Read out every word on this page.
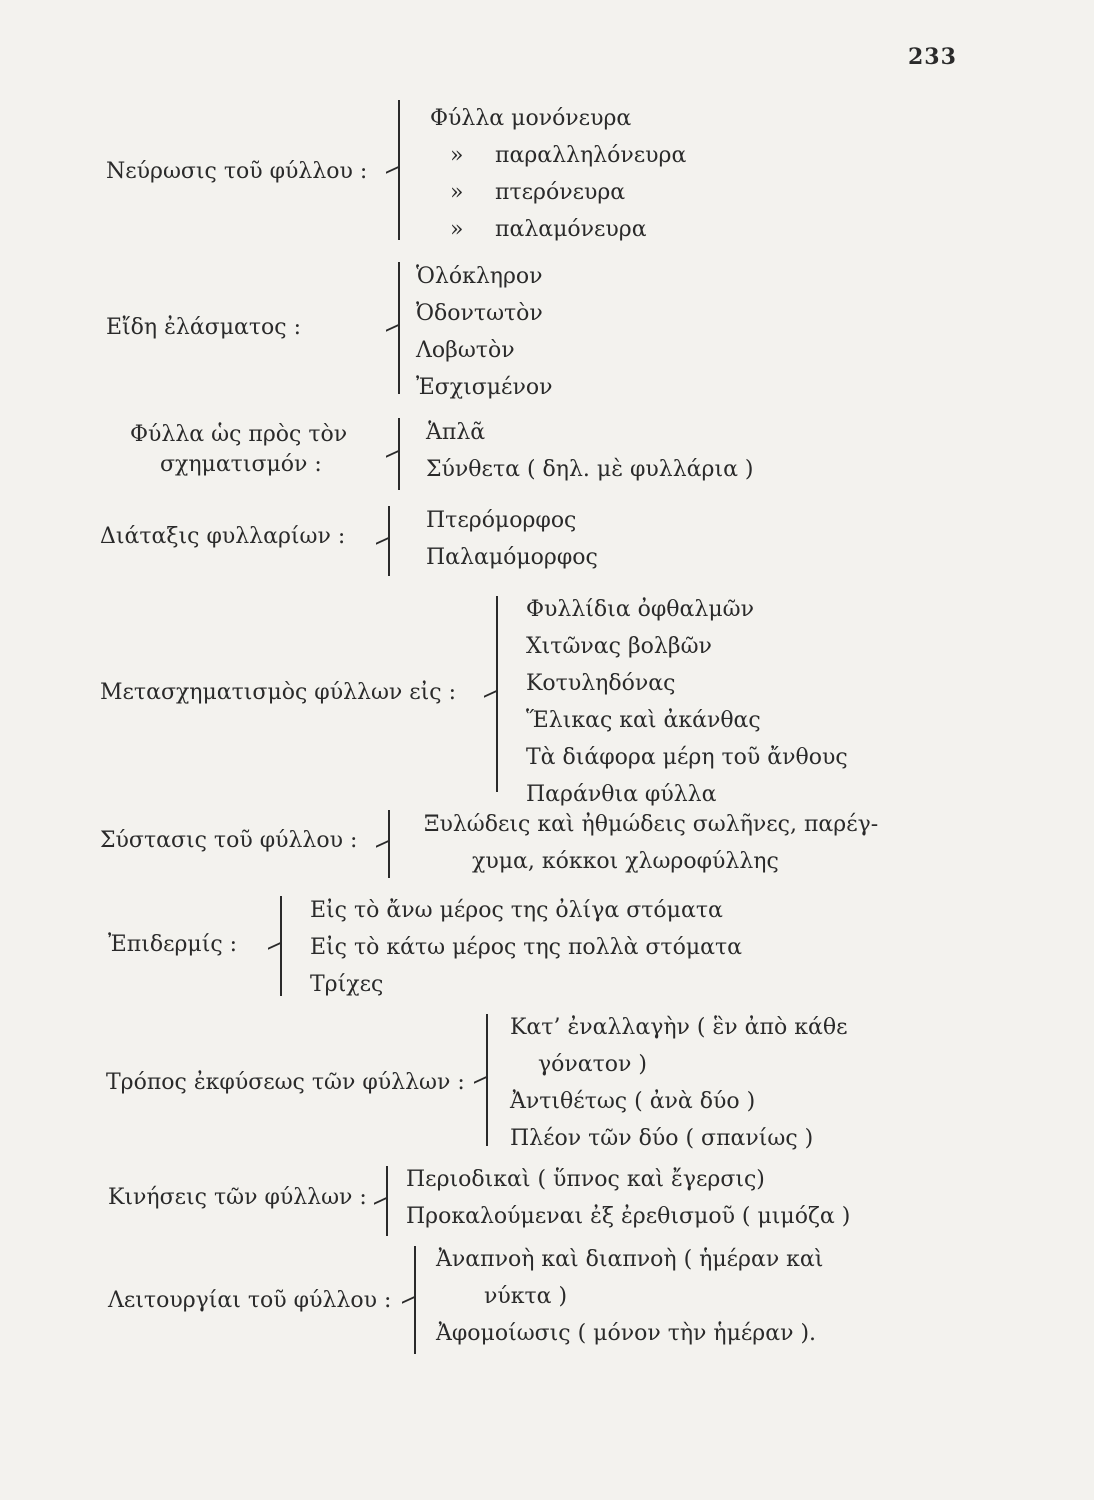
233
Νεύρωσις τοῦ φύλλου :
Φύλλα μονόνευρα
» παραλληλόνευρα
» πτερόνευρα
» παλαμόνευρα
Εἴδη ἐλάσματος :
Ὁλόκληρον
Ὀδοντωτὸν
Λοβωτὸν
Ἐσχισμένον
Φύλλα ὡς πρὸς τὸν
σχηματισμόν :
Ἁπλᾶ
Σύνθετα ( δηλ. μὲ φυλλάρια )
Διάταξις φυλλαρίων :
Πτερόμορφος
Παλαμόμορφος
Μετασχηματισμὸς φύλλων εἰς :
Φυλλίδια ὀφθαλμῶν
Χιτῶνας βολβῶν
Κοτυληδόνας
Ἕλικας καὶ ἀκάνθας
Τὰ διάφορα μέρη τοῦ ἄνθους
Παράνθια φύλλα
Σύστασις τοῦ φύλλου :
Ξυλώδεις καὶ ἠθμώδεις σωλῆνες, παρέγ-
χυμα, κόκκοι χλωροφύλλης
Ἐπιδερμίς :
Εἰς τὸ ἄνω μέρος της ὀλίγα στόματα
Εἰς τὸ κάτω μέρος της πολλὰ στόματα
Τρίχες
Τρόπος ἐκφύσεως τῶν φύλλων :
Κατ’ ἐναλλαγὴν ( ἓν ἀπὸ κάθε
γόνατον )
Ἀντιθέτως ( ἀνὰ δύο )
Πλέον τῶν δύο ( σπανίως )
Κινήσεις τῶν φύλλων :
Περιοδικαὶ ( ὕπνος καὶ ἔγερσις)
Προκαλούμεναι ἐξ ἐρεθισμοῦ ( μιμόζα )
Λειτουργίαι τοῦ φύλλου :
Ἀναπνοὴ καὶ διαπνοὴ ( ἡμέραν καὶ
νύκτα )
Ἀφομοίωσις ( μόνον τὴν ἡμέραν ).
